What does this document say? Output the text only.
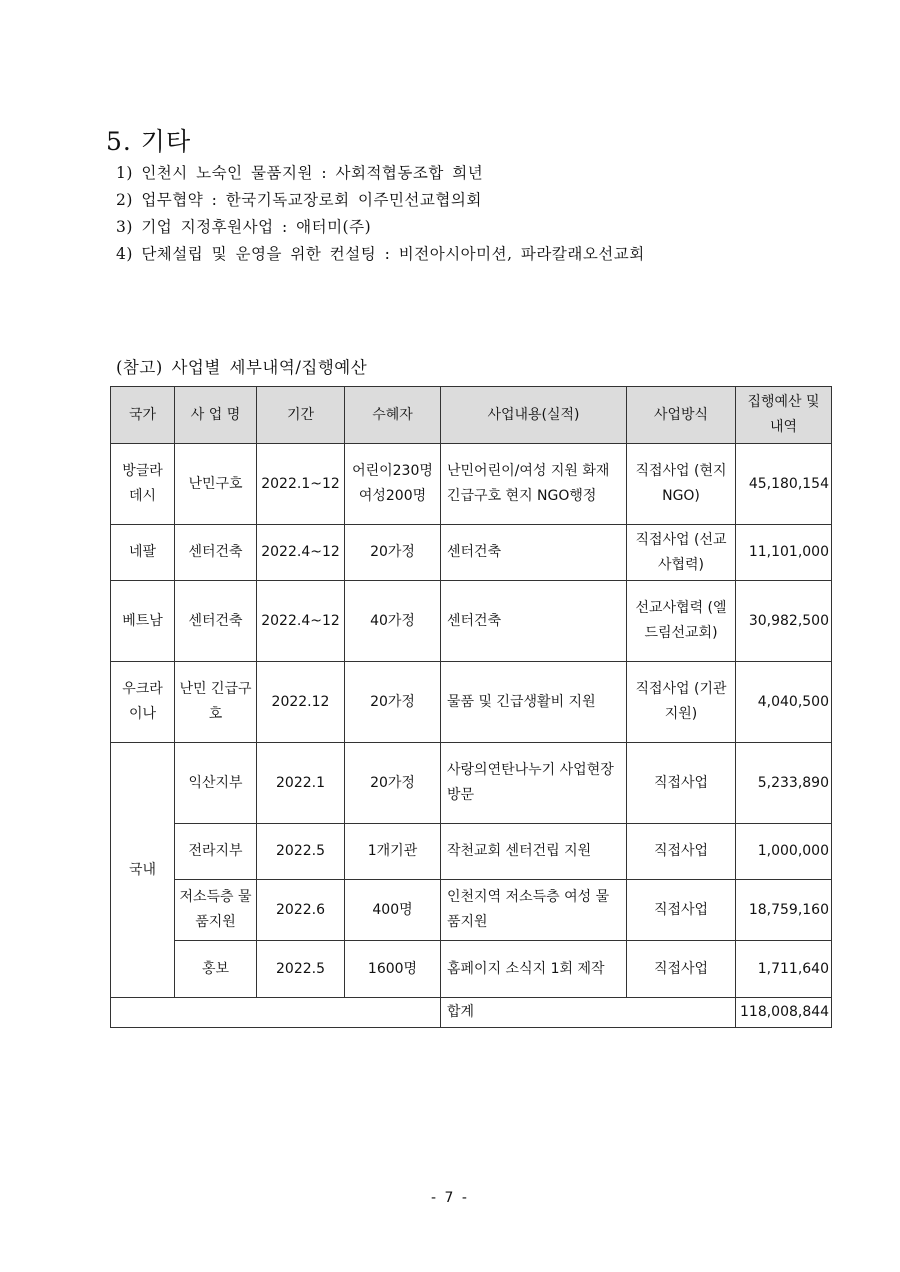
5. 기타
1) 인천시 노숙인 물품지원 : 사회적협동조합 희년
2) 업무협약 : 한국기독교장로회 이주민선교협의회
3) 기업 지정후원사업 : 애터미(주)
4) 단체설립 및 운영을 위한 컨설팅 : 비전아시아미션, 파라칼래오선교회
(참고) 사업별 세부내역/집행예산
국가	사 업 명	기간	수혜자	사업내용(실적)	사업방식	집행예산 및 내역
방글라 데시	난민구호	2022.1~12	어린이230명 여성200명	난민어린이/여성 지원 화재 긴급구호 현지 NGO행정	직접사업 (현지NGO)	45,180,154
네팔	센터건축	2022.4~12	20가정	센터건축	직접사업 (선교사협력)	11,101,000
베트남	센터건축	2022.4~12	40가정	센터건축	선교사협력 (엘드림선교회)	30,982,500
우크라 이나	난민 긴급구호	2022.12	20가정	물품 및 긴급생활비 지원	직접사업 (기관지원)	4,040,500
국내	익산지부	2022.1	20가정	사랑의연탄나누기 사업현장방문	직접사업	5,233,890
	전라지부	2022.5	1개기관	작천교회 센터건립 지원	직접사업	1,000,000
	저소득층 물품지원	2022.6	400명	인천지역 저소득층 여성 물품지원	직접사업	18,759,160
	홍보	2022.5	1600명	홈페이지 소식지 1회 제작	직접사업	1,711,640
				합계		118,008,844
- 7 -
